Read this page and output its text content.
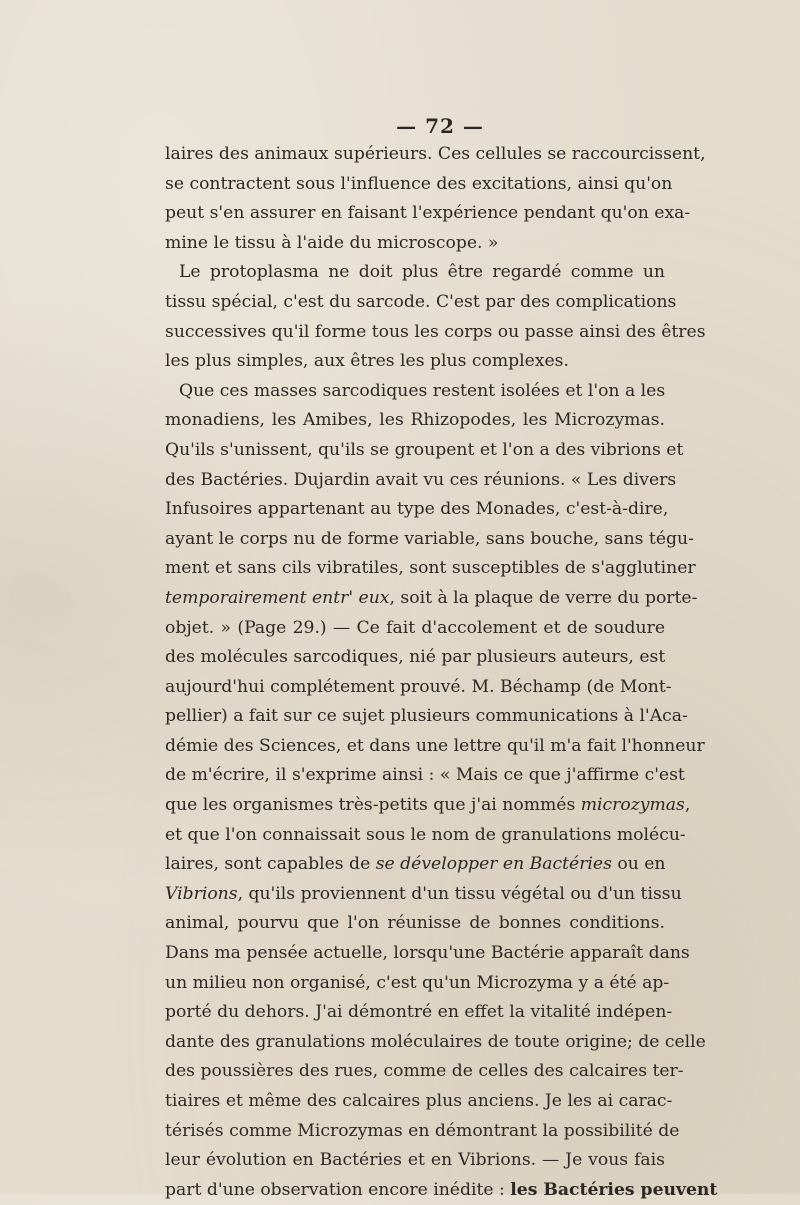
— 72 —
laires des animaux supérieurs. Ces cellules se raccourcissent,
se contractent sous l'influence des excitations, ainsi qu'on
peut s'en assurer en faisant l'expérience pendant qu'on exa-
mine le tissu à l'aide du microscope. »
Le protoplasma ne doit plus être regardé comme un
tissu spécial, c'est du sarcode. C'est par des complications
successives qu'il forme tous les corps ou passe ainsi des êtres
les plus simples, aux êtres les plus complexes.
Que ces masses sarcodiques restent isolées et l'on a les
monadiens, les Amibes, les Rhizopodes, les Microzymas.
Qu'ils s'unissent, qu'ils se groupent et l'on a des vibrions et
des Bactéries. Dujardin avait vu ces réunions. « Les divers
Infusoires appartenant au type des Monades, c'est-à-dire,
ayant le corps nu de forme variable, sans bouche, sans tégu-
ment et sans cils vibratiles, sont susceptibles de s'agglutiner
temporairement entr' eux, soit à la plaque de verre du porte-
objet. » (Page 29.) — Ce fait d'accolement et de soudure
des molécules sarcodiques, nié par plusieurs auteurs, est
aujourd'hui complétement prouvé. M. Béchamp (de Mont-
pellier) a fait sur ce sujet plusieurs communications à l'Aca-
démie des Sciences, et dans une lettre qu'il m'a fait l'honneur
de m'écrire, il s'exprime ainsi : « Mais ce que j'affirme c'est
que les organismes très-petits que j'ai nommés microzymas,
et que l'on connaissait sous le nom de granulations molécu-
laires, sont capables de se développer en Bactéries ou en
Vibrions, qu'ils proviennent d'un tissu végétal ou d'un tissu
animal, pourvu que l'on réunisse de bonnes conditions.
Dans ma pensée actuelle, lorsqu'une Bactérie apparaît dans
un milieu non organisé, c'est qu'un Microzyma y a été ap-
porté du dehors. J'ai démontré en effet la vitalité indépen-
dante des granulations moléculaires de toute origine; de celle
des poussières des rues, comme de celles des calcaires ter-
tiaires et même des calcaires plus anciens. Je les ai carac-
térisés comme Microzymas en démontrant la possibilité de
leur évolution en Bactéries et en Vibrions. — Je vous fais
part d'une observation encore inédite : les Bactéries peuvent
